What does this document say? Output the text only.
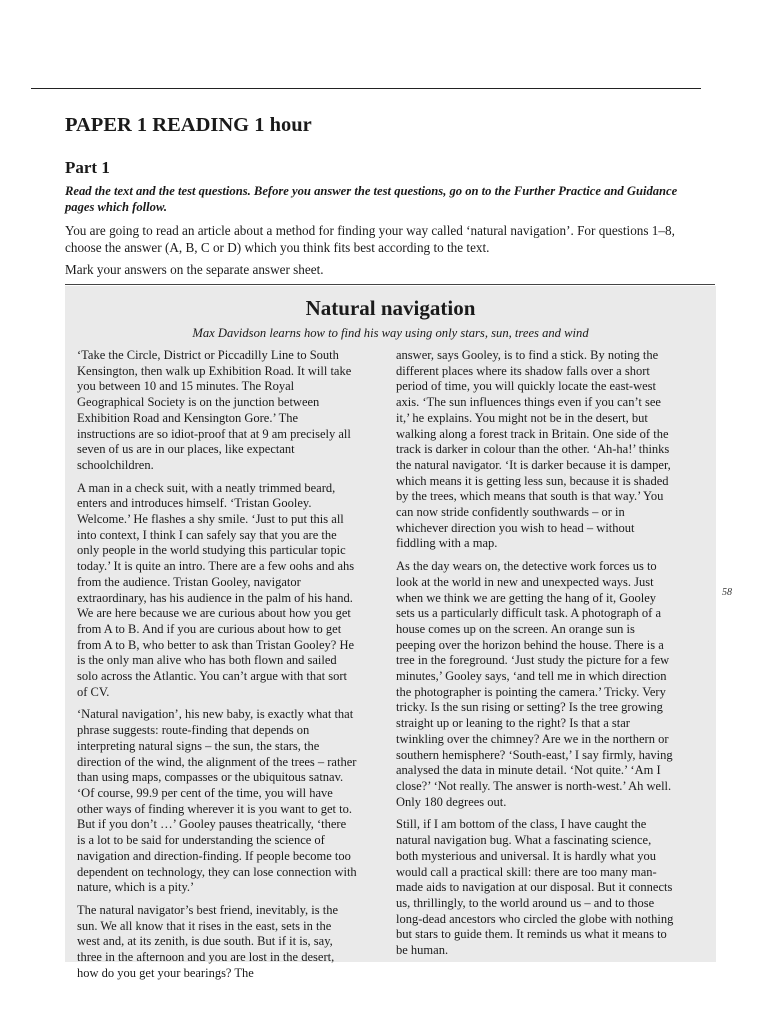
PAPER 1 READING 1 hour
Part 1

Read the text and the test questions. Before you answer the test questions, go on to the Further Practice and Guidance pages which follow.

You are going to read an article about a method for finding your way called ‘natural navigation’. For questions 1–8, choose the answer (A, B, C or D) which you think fits best according to the text.

Mark your answers on the separate answer sheet.

Natural navigation

Max Davidson learns how to find his way using only stars, sun, trees and wind

‘Take the Circle, District or Piccadilly Line to South Kensington, then walk up Exhibition Road. It will take you between 10 and 15 minutes. The Royal Geographical Society is on the junction between Exhibition Road and Kensington Gore.’ The instructions are so idiot-proof that at 9 am precisely all seven of us are in our places, like expectant schoolchildren.

A man in a check suit, with a neatly trimmed beard, enters and introduces himself. ‘Tristan Gooley. Welcome.’ He flashes a shy smile. ‘Just to put this all into context, I think I can safely say that you are the only people in the world studying this particular topic today.’ It is quite an intro. There are a few oohs and ahs from the audience. Tristan Gooley, navigator extraordinary, has his audience in the palm of his hand. We are here because we are curious about how you get from A to B. And if you are curious about how to get from A to B, who better to ask than Tristan Gooley? He is the only man alive who has both flown and sailed solo across the Atlantic. You can’t argue with that sort of CV.

‘Natural navigation’, his new baby, is exactly what that phrase suggests: route-finding that depends on interpreting natural signs – the sun, the stars, the direction of the wind, the alignment of the trees – rather than using maps, compasses or the ubiquitous satnav. ‘Of course, 99.9 per cent of the time, you will have other ways of finding wherever it is you want to get to. But if you don’t …’ Gooley pauses theatrically, ‘there is a lot to be said for understanding the science of navigation and direction-finding. If people become too dependent on technology, they can lose connection with nature, which is a pity.’

The natural navigator’s best friend, inevitably, is the sun. We all know that it rises in the east, sets in the west and, at its zenith, is due south. But if it is, say, three in the afternoon and you are lost in the desert, how do you get your bearings? The

answer, says Gooley, is to find a stick. By noting the different places where its shadow falls over a short period of time, you will quickly locate the east-west axis. ‘The sun influences things even if you can’t see it,’ he explains. You might not be in the desert, but walking along a forest track in Britain. One side of the track is darker in colour than the other. ‘Ah-ha!’ thinks the natural navigator. ‘It is darker because it is damper, which means it is getting less sun, because it is shaded by the trees, which means that south is that way.’ You can now stride confidently southwards – or in whichever direction you wish to head – without fiddling with a map.

As the day wears on, the detective work forces us to look at the world in new and unexpected ways. Just when we think we are getting the hang of it, Gooley sets us a particularly difficult task. A photograph of a house comes up on the screen. An orange sun is peeping over the horizon behind the house. There is a tree in the foreground. ‘Just study the picture for a few minutes,’ Gooley says, ‘and tell me in which direction the photographer is pointing the camera.’ Tricky. Very tricky. Is the sun rising or setting? Is the tree growing straight up or leaning to the right? Is that a star twinkling over the chimney? Are we in the northern or southern hemisphere? ‘South-east,’ I say firmly, having analysed the data in minute detail. ‘Not quite.’ ‘Am I close?’ ‘Not really. The answer is north-west.’ Ah well. Only 180 degrees out.

Still, if I am bottom of the class, I have caught the natural navigation bug. What a fascinating science, both mysterious and universal. It is hardly what you would call a practical skill: there are too many man-made aids to navigation at our disposal. But it connects us, thrillingly, to the world around us – and to those long-dead ancestors who circled the globe with nothing but stars to guide them. It reminds us what it means to be human.

58
